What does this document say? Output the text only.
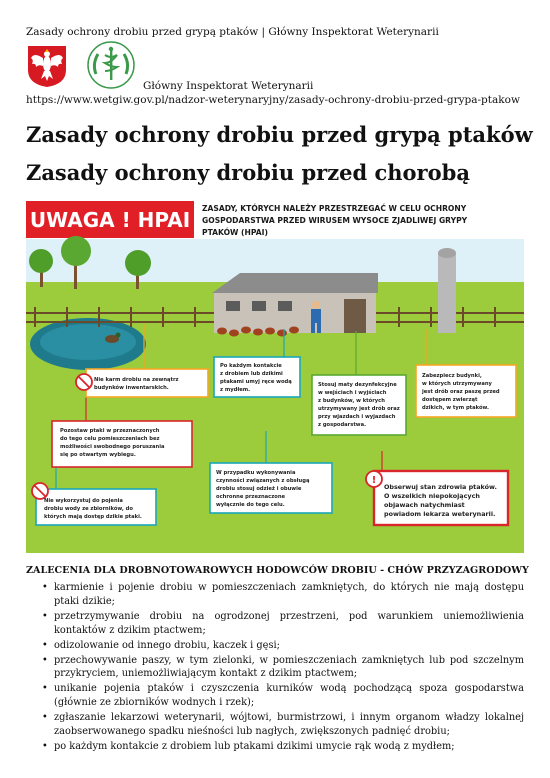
Zasady ochrony drobiu przed grypą ptaków | Główny Inspektorat Weterynarii
Główny Inspektorat Weterynarii
https://www.wetgiw.gov.pl/nadzor-weterynaryjny/zasady-ochrony-drobiu-przed-grypa-ptakow
Zasady ochrony drobiu przed grypą ptaków
Zasady ochrony drobiu przed chorobą
UWAGA ! HPAI ZASADY, KTÓRYCH NALEŻY PRZESTRZEGAĆ W CELU OCHRONY
GOSPODARSTWA PRZED WIRUSEM WYSOCE ZJADLIWEJ GRYPY
PTAKÓW (HPAI)
Nie karm drobiu na zewnątrz
budynków inwentarskich.
Po każdym kontakcie
z drobiem lub dzikimi
ptakami umyj ręce wodą
z mydłem.
Stosuj maty dezynfekcyjne
w wejściach i wyjściach
z budynków, w których
utrzymywany jest drób oraz
przy wjazdach i wyjazdach
z gospodarstwa.
Zabezpiecz budynki,
w których utrzymywany
jest drób oraz paszę przed
dostępem zwierząt
dzikich, w tym ptaków.
Pozostaw ptaki w przeznaczonych
do tego celu pomieszczeniach bez
możliwości swobodnego poruszania
się po otwartym wybiegu.
W przypadku wykonywania
czynności związanych z obsługą
drobiu stosuj odzież i obuwie
ochronne przeznaczone
wyłącznie do tego celu.
!
Obserwuj stan zdrowia ptaków.
O wszelkich niepokojących
objawach natychmiast
powiadom lekarza weterynarii.
Nie wykorzystuj do pojenia
drobiu wody ze zbiorników, do
których mają dostęp dzikie ptaki.
ZALECENIA DLA DROBNOTOWAROWYCH HODOWCÓW DROBIU - CHÓW PRZYZAGRODOWY
• karmienie i pojenie drobiu w pomieszczeniach zamkniętych, do których nie mają dostępu ptaki dzikie;
• przetrzymywanie drobiu na ogrodzonej przestrzeni, pod warunkiem uniemożliwienia kontaktów z dzikim ptactwem;
• odizolowanie od innego drobiu, kaczek i gęsi;
• przechowywanie paszy, w tym zielonki, w pomieszczeniach zamkniętych lub pod szczelnym przykryciem, uniemożliwiającym kontakt z dzikim ptactwem;
• unikanie pojenia ptaków i czyszczenia kurników wodą pochodzącą spoza gospodarstwa (głównie ze zbiorników wodnych i rzek);
• zgłaszanie lekarzowi weterynarii, wójtowi, burmistrzowi, i innym organom władzy lokalnej zaobserwowanego spadku nieśności lub nagłych, zwiększonych padnięć drobiu;
• po każdym kontakcie z drobiem lub ptakami dzikimi umycie rąk wodą z mydłem;
